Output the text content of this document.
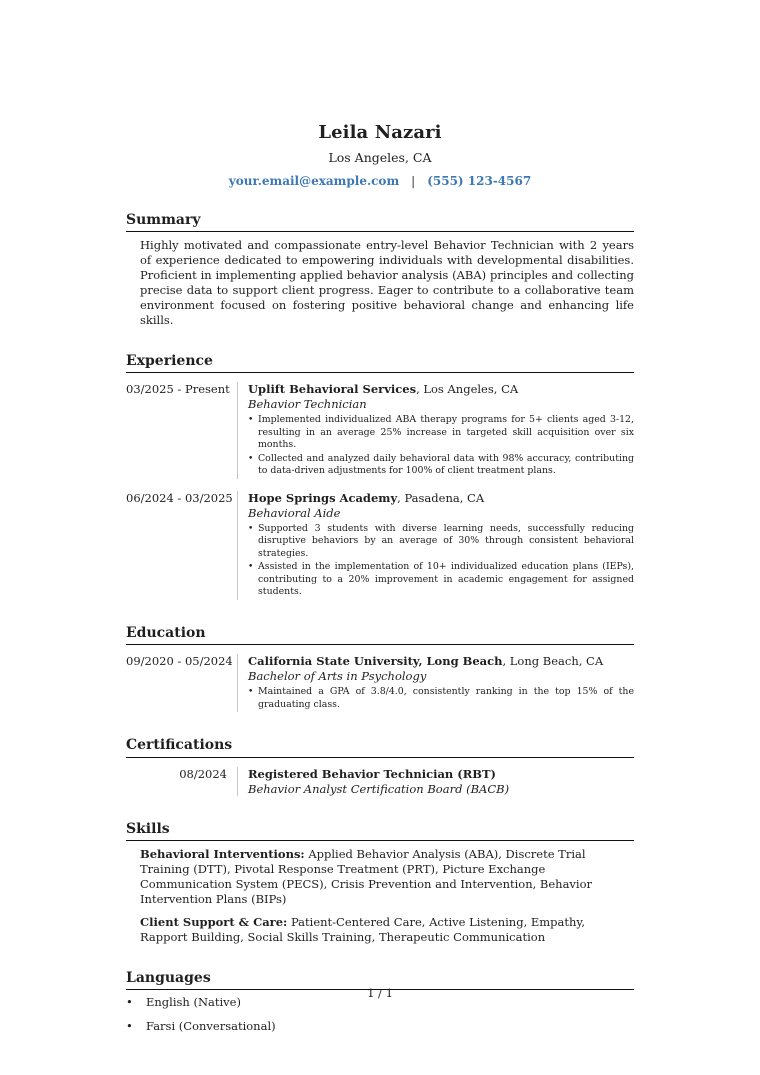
Leila Nazari
Los Angeles, CA
your.email@example.com | (555) 123-4567
Summary
Highly motivated and compassionate entry-level Behavior Technician with 2 years of experience dedicated to empowering individuals with developmental disabilities. Proficient in implementing applied behavior analysis (ABA) principles and collecting precise data to support client progress. Eager to contribute to a collaborative team environment focused on fostering positive behavioral change and enhancing life skills.
Experience
03/2025 - Present	Uplift Behavioral Services, Los Angeles, CA
Behavior Technician
• Implemented individualized ABA therapy programs for 5+ clients aged 3-12, resulting in an average 25% increase in targeted skill acquisition over six months.
• Collected and analyzed daily behavioral data with 98% accuracy, contributing to data-driven adjustments for 100% of client treatment plans.
06/2024 - 03/2025	Hope Springs Academy, Pasadena, CA
Behavioral Aide
• Supported 3 students with diverse learning needs, successfully reducing disruptive behaviors by an average of 30% through consistent behavioral strategies.
• Assisted in the implementation of 10+ individualized education plans (IEPs), contributing to a 20% improvement in academic engagement for assigned students.
Education
09/2020 - 05/2024	California State University, Long Beach, Long Beach, CA
Bachelor of Arts in Psychology
• Maintained a GPA of 3.8/4.0, consistently ranking in the top 15% of the graduating class.
Certifications
08/2024	Registered Behavior Technician (RBT)
Behavior Analyst Certification Board (BACB)
Skills
Behavioral Interventions: Applied Behavior Analysis (ABA), Discrete Trial Training (DTT), Pivotal Response Treatment (PRT), Picture Exchange Communication System (PECS), Crisis Prevention and Intervention, Behavior Intervention Plans (BIPs)
Client Support & Care: Patient-Centered Care, Active Listening, Empathy, Rapport Building, Social Skills Training, Therapeutic Communication
Languages
• English (Native)
• Farsi (Conversational)
1 / 1
